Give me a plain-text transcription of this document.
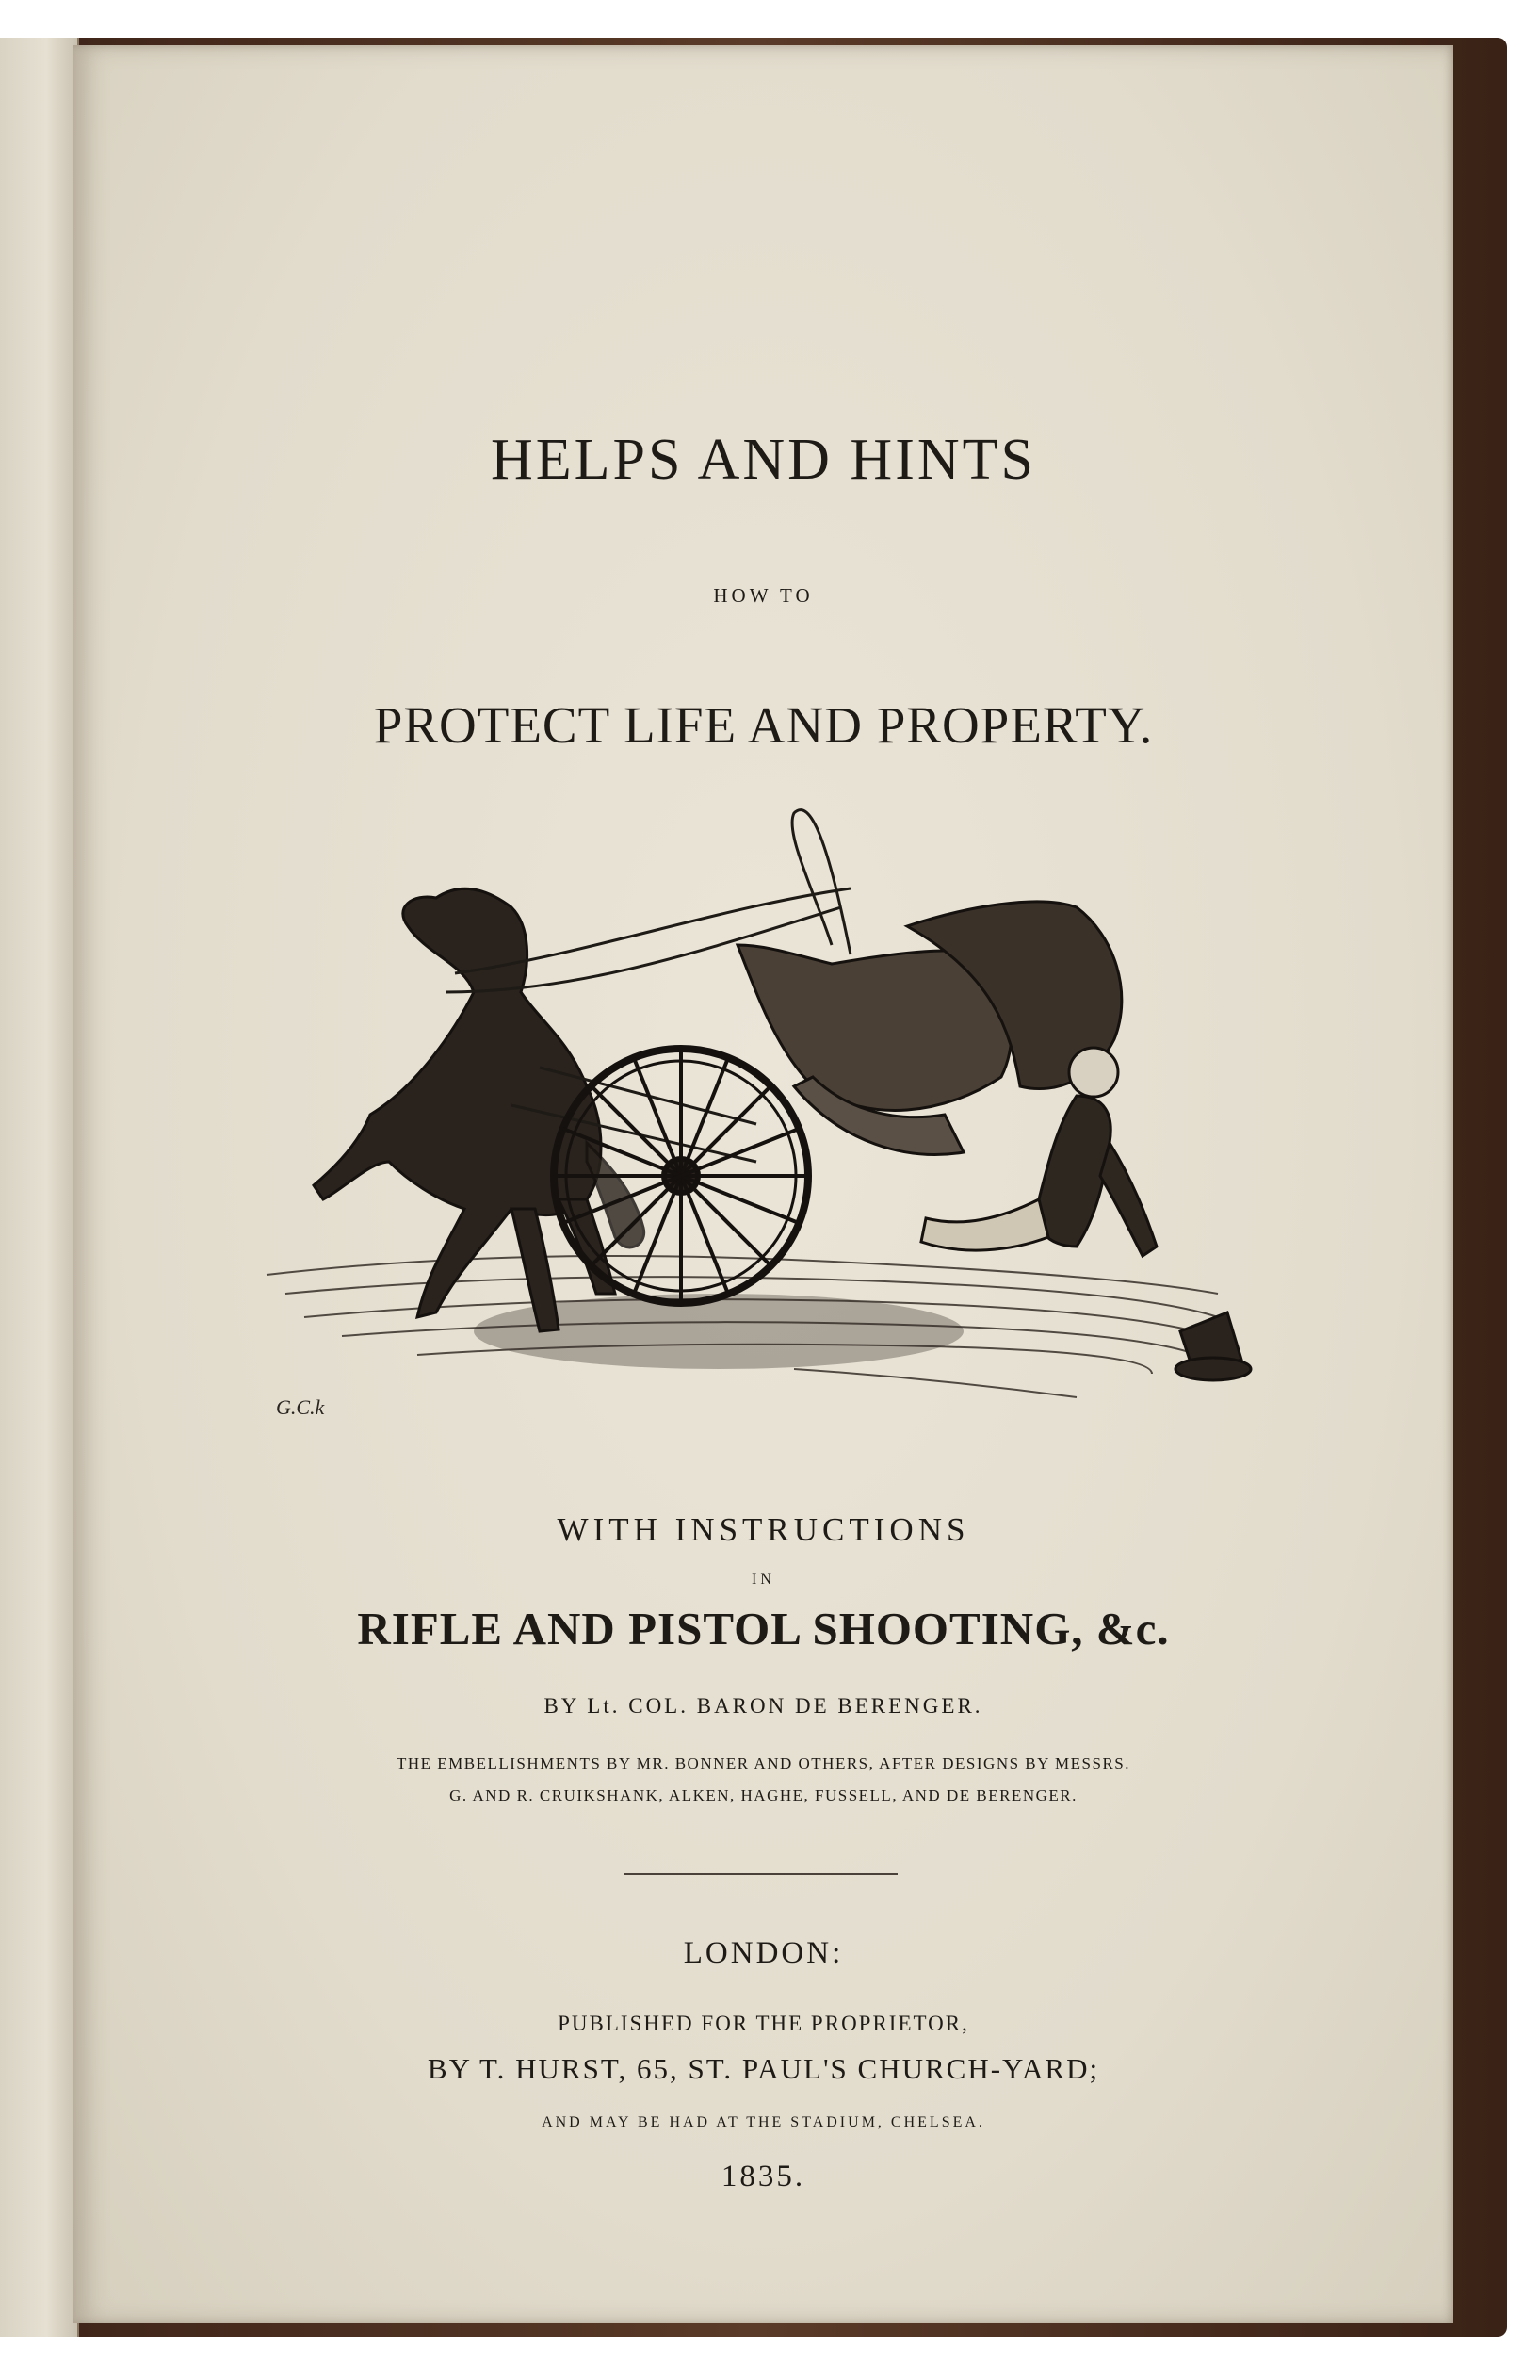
HELPS AND HINTS
HOW TO
PROTECT LIFE AND PROPERTY.
G.C.k
WITH INSTRUCTIONS
IN
RIFLE AND PISTOL SHOOTING, &c.
BY Lt. COL. BARON DE BERENGER.
THE EMBELLISHMENTS BY MR. BONNER AND OTHERS, AFTER DESIGNS BY MESSRS.
G. AND R. CRUIKSHANK, ALKEN, HAGHE, FUSSELL, AND DE BERENGER.
LONDON:
PUBLISHED FOR THE PROPRIETOR,
BY T. HURST, 65, ST. PAUL'S CHURCH-YARD;
AND MAY BE HAD AT THE STADIUM, CHELSEA.
1835.
